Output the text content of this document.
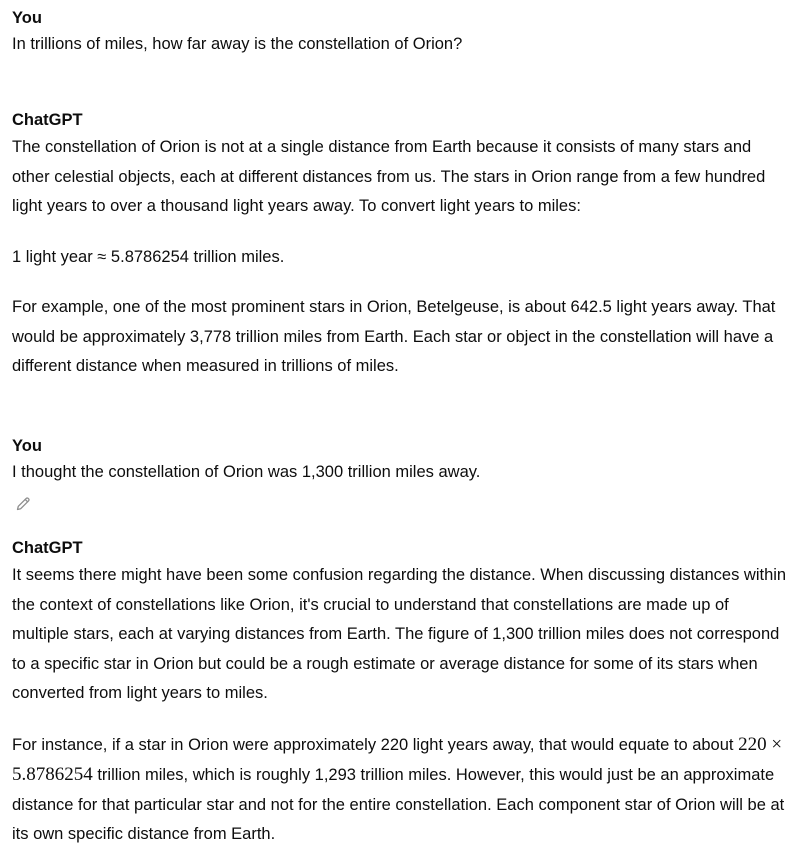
You
In trillions of miles, how far away is the constellation of Orion?
ChatGPT

The constellation of Orion is not at a single distance from Earth because it consists of many stars and other celestial objects, each at different distances from us. The stars in Orion range from a few hundred light years to over a thousand light years away. To convert light years to miles:

1 light year ≈ 5.8786254 trillion miles.

For example, one of the most prominent stars in Orion, Betelgeuse, is about 642.5 light years away. That would be approximately 3,778 trillion miles from Earth. Each star or object in the constellation will have a different distance when measured in trillions of miles.

You
I thought the constellation of Orion was 1,300 trillion miles away.
ChatGPT

It seems there might have been some confusion regarding the distance. When discussing distances within the context of constellations like Orion, it's crucial to understand that constellations are made up of multiple stars, each at varying distances from Earth. The figure of 1,300 trillion miles does not correspond to a specific star in Orion but could be a rough estimate or average distance for some of its stars when converted from light years to miles.

For instance, if a star in Orion were approximately 220 light years away, that would equate to about 220 × 5.8786254 trillion miles, which is roughly 1,293 trillion miles. However, this would just be an approximate distance for that particular star and not for the entire constellation. Each component star of Orion will be at its own specific distance from Earth.
